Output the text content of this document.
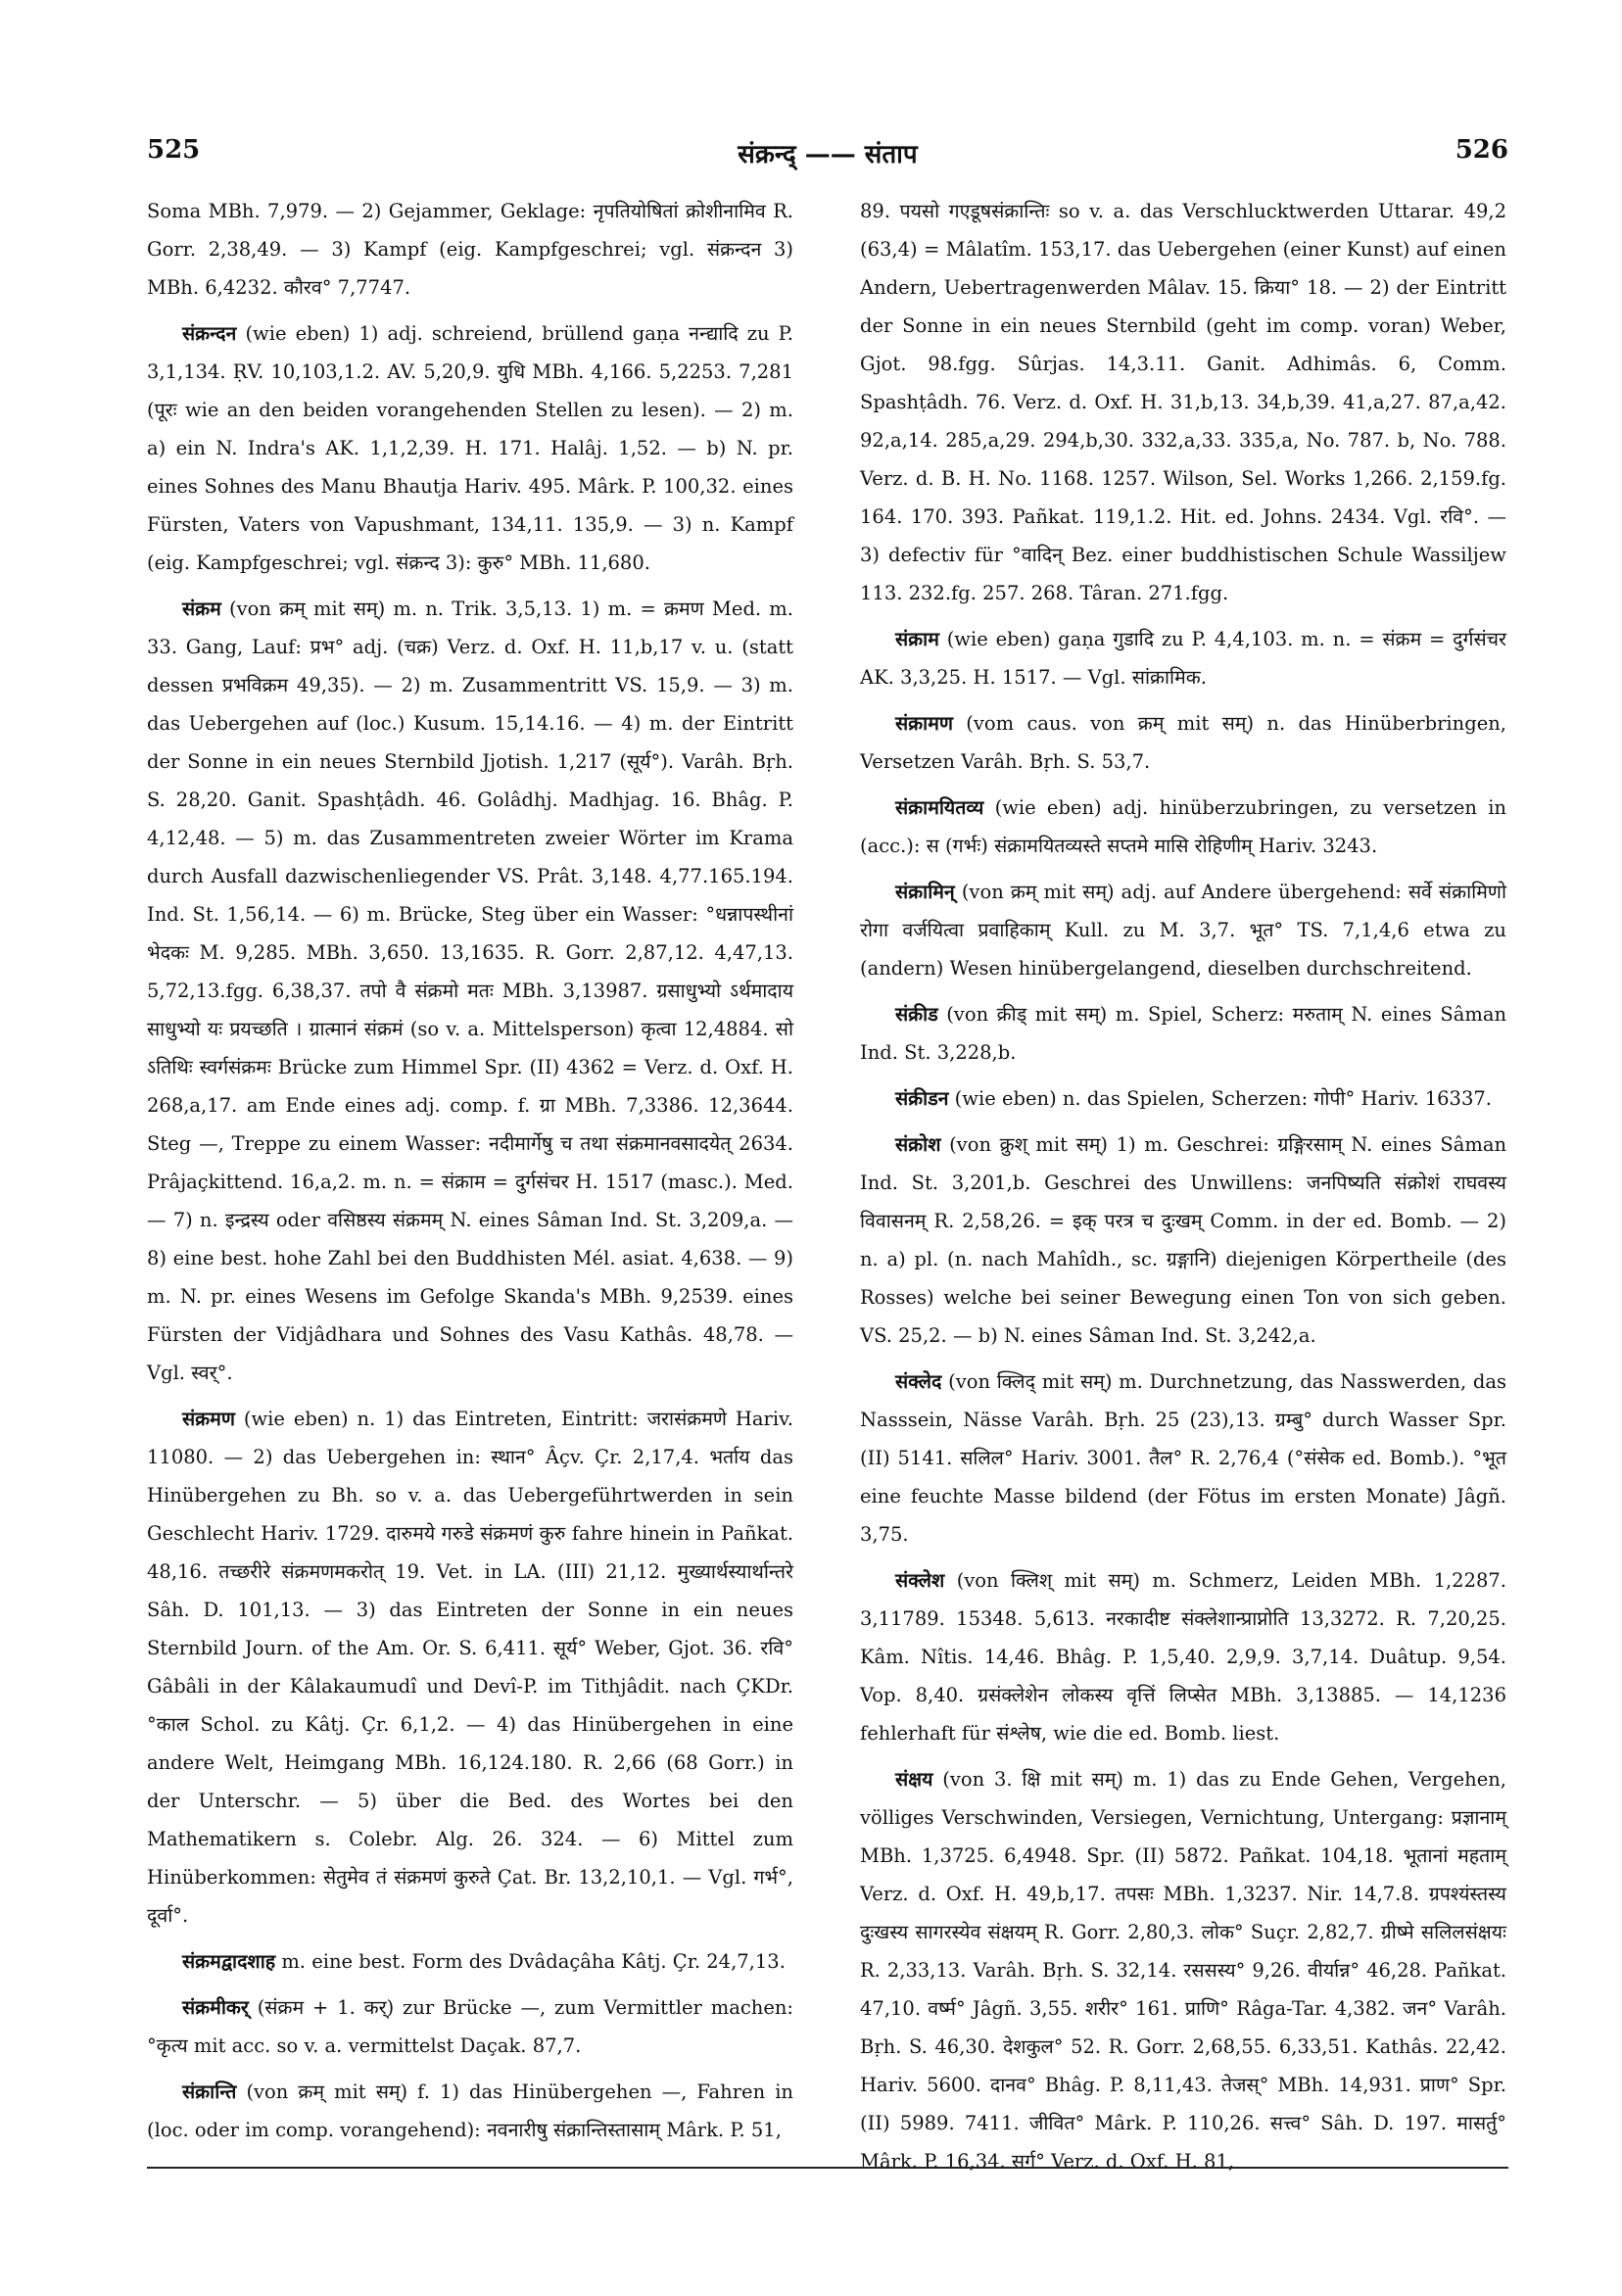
525	संक्रन्द् —— संताप	526

Soma MBh. 7,979. — 2) Gejammer, Geklage: नृपतियोषितां क्रोशीनामिव R. Gorr. 2,38,49. — 3) Kampf (eig. Kampfgeschrei; vgl. संक्रन्दन 3) MBh. 6,4232. कौरव° 7,7747.

संक्रन्दन (wie eben) 1) adj. schreiend, brüllend gaṇa नन्द्यादि zu P. 3,1,134. ṚV. 10,103,1.2. AV. 5,20,9. युधि MBh. 4,166. 5,2253. 7,281 (पूरः wie an den beiden vorangehenden Stellen zu lesen). — 2) m. a) ein N. Indra's AK. 1,1,2,39. H. 171. Halâj. 1,52. — b) N. pr. eines Sohnes des Manu Bhautja Hariv. 495. Mârk. P. 100,32. eines Fürsten, Vaters von Vapushmant, 134,11. 135,9. — 3) n. Kampf (eig. Kampfgeschrei; vgl. संक्रन्द 3): कुरु° MBh. 11,680.

संक्रम (von क्रम् mit सम्) m. n. Trik. 3,5,13. 1) m. = क्रमण Med. m. 33. Gang, Lauf: प्रभ° adj. (चक्र) Verz. d. Oxf. H. 11,b,17 v. u. (statt dessen प्रभविक्रम 49,35). — 2) m. Zusammentritt VS. 15,9. — 3) m. das Uebergehen auf (loc.) Kusum. 15,14.16. — 4) m. der Eintritt der Sonne in ein neues Sternbild Jjotish. 1,217 (सूर्य°). Varâh. Bṛh. S. 28,20. Ganit. Spashṭâdh. 46. Golâdhj. Madhjag. 16. Bhâg. P. 4,12,48. — 5) m. das Zusammentreten zweier Wörter im Krama durch Ausfall dazwischenliegender VS. Prât. 3,148. 4,77.165.194. Ind. St. 1,56,14. — 6) m. Brücke, Steg über ein Wasser: °धन्नापस्थीनां भेदकः M. 9,285. MBh. 3,650. 13,1635. R. Gorr. 2,87,12. 4,47,13. 5,72,13.fgg. 6,38,37. तपो वै संक्रमो मतः MBh. 3,13987. ग्रसाधुभ्यो ऽर्थमादाय साधुभ्यो यः प्रयच्छति । ग्रात्मानं संक्रमं (so v. a. Mittelsperson) कृत्वा 12,4884. सो ऽतिथिः स्वर्गसंक्रमः Brücke zum Himmel Spr. (II) 4362 = Verz. d. Oxf. H. 268,a,17. am Ende eines adj. comp. f. ग्रा MBh. 7,3386. 12,3644. Steg —, Treppe zu einem Wasser: नदीमार्गेषु च तथा संक्रमानवसादयेत् 2634. Prâjaçkittend. 16,a,2. m. n. = संक्राम = दुर्गसंचर H. 1517 (masc.). Med. — 7) n. इन्द्रस्य oder वसिष्ठस्य संक्रमम् N. eines Sâman Ind. St. 3,209,a. — 8) eine best. hohe Zahl bei den Buddhisten Mél. asiat. 4,638. — 9) m. N. pr. eines Wesens im Gefolge Skanda's MBh. 9,2539. eines Fürsten der Vidjâdhara und Sohnes des Vasu Kathâs. 48,78. — Vgl. स्वर्°.

संक्रमण (wie eben) n. 1) das Eintreten, Eintritt: जरासंक्रमणे Hariv. 11080. — 2) das Uebergehen in: स्थान° Âçv. Çr. 2,17,4. भर्ताय das Hinübergehen zu Bh. so v. a. das Uebergeführtwerden in sein Geschlecht Hariv. 1729. दारुमये गरुडे संक्रमणं कुरु fahre hinein in Pañkat. 48,16. तच्छरीरे संक्रमणमकरोत् 19. Vet. in LA. (III) 21,12. मुख्यार्थस्यार्थान्तरे Sâh. D. 101,13. — 3) das Eintreten der Sonne in ein neues Sternbild Journ. of the Am. Or. S. 6,411. सूर्य° Weber, Gjot. 36. रवि° Gâbâli in der Kâlakaumudî und Devî-P. im Tithjâdit. nach ÇKDr. °काल Schol. zu Kâtj. Çr. 6,1,2. — 4) das Hinübergehen in eine andere Welt, Heimgang MBh. 16,124.180. R. 2,66 (68 Gorr.) in der Unterschr. — 5) über die Bed. des Wortes bei den Mathematikern s. Colebr. Alg. 26. 324. — 6) Mittel zum Hinüberkommen: सेतुमेव तं संक्रमणं कुरुते Çat. Br. 13,2,10,1. — Vgl. गर्भ°, दूर्वा°.

संक्रमद्वादशाह m. eine best. Form des Dvâdaçâha Kâtj. Çr. 24,7,13.

संक्रमीकर् (संक्रम + 1. कर्) zur Brücke —, zum Vermittler machen: °कृत्य mit acc. so v. a. vermittelst Daçak. 87,7.

संक्रान्ति (von क्रम् mit सम्) f. 1) das Hinübergehen —, Fahren in (loc. oder im comp. vorangehend): नवनारीषु संक्रान्तिस्तासाम् Mârk. P. 51,

89. पयसो गएडूषसंक्रान्तिः so v. a. das Verschlucktwerden Uttarar. 49,2 (63,4) = Mâlatîm. 153,17. das Uebergehen (einer Kunst) auf einen Andern, Uebertragenwerden Mâlav. 15. क्रिया° 18. — 2) der Eintritt der Sonne in ein neues Sternbild (geht im comp. voran) Weber, Gjot. 98.fgg. Sûrjas. 14,3.11. Ganit. Adhimâs. 6, Comm. Spashṭâdh. 76. Verz. d. Oxf. H. 31,b,13. 34,b,39. 41,a,27. 87,a,42. 92,a,14. 285,a,29. 294,b,30. 332,a,33. 335,a, No. 787. b, No. 788. Verz. d. B. H. No. 1168. 1257. Wilson, Sel. Works 1,266. 2,159.fg. 164. 170. 393. Pañkat. 119,1.2. Hit. ed. Johns. 2434. Vgl. रवि°. — 3) defectiv für °वादिन् Bez. einer buddhistischen Schule Wassiljew 113. 232.fg. 257. 268. Târan. 271.fgg.

संक्राम (wie eben) gaṇa गुडादि zu P. 4,4,103. m. n. = संक्रम = दुर्गसंचर AK. 3,3,25. H. 1517. — Vgl. सांक्रामिक.

संक्रामण (vom caus. von क्रम् mit सम्) n. das Hinüberbringen, Versetzen Varâh. Bṛh. S. 53,7.

संक्रामयितव्य (wie eben) adj. hinüberzubringen, zu versetzen in (acc.): स (गर्भः) संक्रामयितव्यस्ते सप्तमे मासि रोहिणीम् Hariv. 3243.

संक्रामिन् (von क्रम् mit सम्) adj. auf Andere übergehend: सर्वे संक्रामिणो रोगा वर्जयित्वा प्रवाहिकाम् Kull. zu M. 3,7. भूत° TS. 7,1,4,6 etwa zu (andern) Wesen hinübergelangend, dieselben durchschreitend.

संक्रीड (von क्रीड् mit सम्) m. Spiel, Scherz: मरुताम् N. eines Sâman Ind. St. 3,228,b.

संक्रीडन (wie eben) n. das Spielen, Scherzen: गोपी° Hariv. 16337.

संक्रोश (von क्रुश् mit सम्) 1) m. Geschrei: ग्रङ्गिरसाम् N. eines Sâman Ind. St. 3,201,b. Geschrei des Unwillens: जनपिष्यति संक्रोशं राघवस्य विवासनम् R. 2,58,26. = इक् परत्र च दुःखम् Comm. in der ed. Bomb. — 2) n. a) pl. (n. nach Mahîdh., sc. ग्रङ्गानि) diejenigen Körpertheile (des Rosses) welche bei seiner Bewegung einen Ton von sich geben. VS. 25,2. — b) N. eines Sâman Ind. St. 3,242,a.

संक्लेद (von क्लिद् mit सम्) m. Durchnetzung, das Nasswerden, das Nasssein, Nässe Varâh. Bṛh. 25 (23),13. ग्रम्बु° durch Wasser Spr. (II) 5141. सलिल° Hariv. 3001. तैल° R. 2,76,4 (°संसेक ed. Bomb.). °भूत eine feuchte Masse bildend (der Fötus im ersten Monate) Jâgñ. 3,75.

संक्लेश (von क्लिश् mit सम्) m. Schmerz, Leiden MBh. 1,2287. 3,11789. 15348. 5,613. नरकादीष्ट संक्लेशान्प्राप्नोति 13,3272. R. 7,20,25. Kâm. Nîtis. 14,46. Bhâg. P. 1,5,40. 2,9,9. 3,7,14. Duâtup. 9,54. Vop. 8,40. ग्रसंक्लेशेन लोकस्य वृत्तिं लिप्सेत MBh. 3,13885. — 14,1236 fehlerhaft für संश्लेष, wie die ed. Bomb. liest.

संक्षय (von 3. क्षि mit सम्) m. 1) das zu Ende Gehen, Vergehen, völliges Verschwinden, Versiegen, Vernichtung, Untergang: प्रज्ञानाम् MBh. 1,3725. 6,4948. Spr. (II) 5872. Pañkat. 104,18. भूतानां महताम् Verz. d. Oxf. H. 49,b,17. तपसः MBh. 1,3237. Nir. 14,7.8. ग्रपश्यंस्तस्य दुःखस्य सागरस्येव संक्षयम् R. Gorr. 2,80,3. लोक° Suçr. 2,82,7. ग्रीष्मे सलिलसंक्षयः R. 2,33,13. Varâh. Bṛh. S. 32,14. रससस्य° 9,26. वीर्यान्न° 46,28. Pañkat. 47,10. वर्ष्म° Jâgñ. 3,55. शरीर° 161. प्राणि° Râga-Tar. 4,382. जन° Varâh. Bṛh. S. 46,30. देशकुल° 52. R. Gorr. 2,68,55. 6,33,51. Kathâs. 22,42. Hariv. 5600. दानव° Bhâg. P. 8,11,43. तेजस्° MBh. 14,931. प्राण° Spr. (II) 5989. 7411. जीवित° Mârk. P. 110,26. सत्त्व° Sâh. D. 197. मासर्तु° Mârk. P. 16,34. सर्ग° Verz. d. Oxf. H. 81,
